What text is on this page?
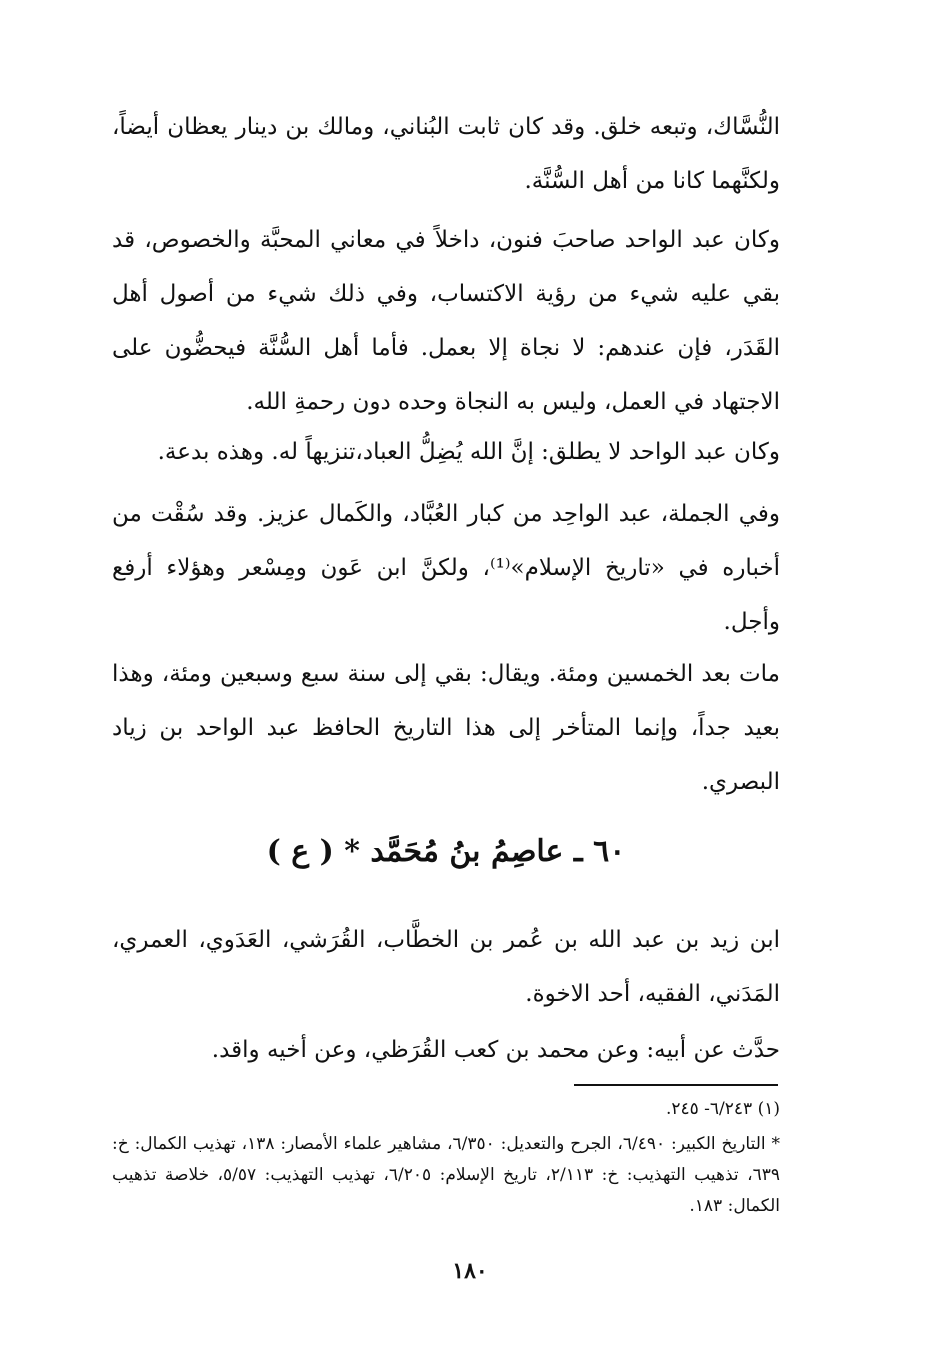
النُّسَّاك، وتبعه خلق. وقد كان ثابت البُناني، ومالك بن دينار يعظان أيضاً، ولكنَّهما كانا من أهل السُّنَّة.

وكان عبد الواحد صاحبَ فنون، داخلاً في معاني المحبَّة والخصوص، قد بقي عليه شيء من رؤية الاكتساب، وفي ذلك شيء من أصول أهل القَدَر، فإن عندهم: لا نجاة إلا بعمل. فأما أهل السُّنَّة فيحضُّون على الاجتهاد في العمل، وليس به النجاة وحده دون رحمةِ الله.

وكان عبد الواحد لا يطلق: إنَّ الله يُضِلُّ العباد،تنزيهاً له. وهذه بدعة.

وفي الجملة، عبد الواحِد من كبار العُبَّاد، والكَمال عزيز. وقد سُقْت من أخباره في «تاريخ الإسلام»⁽¹⁾، ولكنَّ ابن عَون ومِسْعر وهؤلاء أرفع وأجل.

مات بعد الخمسين ومئة. ويقال: بقي إلى سنة سبع وسبعين ومئة، وهذا بعيد جداً، وإنما المتأخر إلى هذا التاريخ الحافظ عبد الواحد بن زياد البصري.

٦٠ ـ عاصِمُ بنُ مُحَمَّد * ( ع )

ابن زيد بن عبد الله بن عُمر بن الخطَّاب، القُرَشي، العَدَوي، العمري، المَدَني، الفقيه، أحد الاخوة.

حدَّث عن أبيه: وعن محمد بن كعب القُرَظي، وعن أخيه واقد.

(١) ٦/٢٤٣- ٢٤٥.

* التاريخ الكبير: ٦/٤٩٠، الجرح والتعديل: ٦/٣٥٠، مشاهير علماء الأمصار: ١٣٨، تهذيب الكمال: خ: ٦٣٩، تذهيب التهذيب: خ: ٢/١١٣، تاريخ الإسلام: ٦/٢٠٥، تهذيب التهذيب: ٥/٥٧، خلاصة تذهيب الكمال: ١٨٣.

١٨٠
